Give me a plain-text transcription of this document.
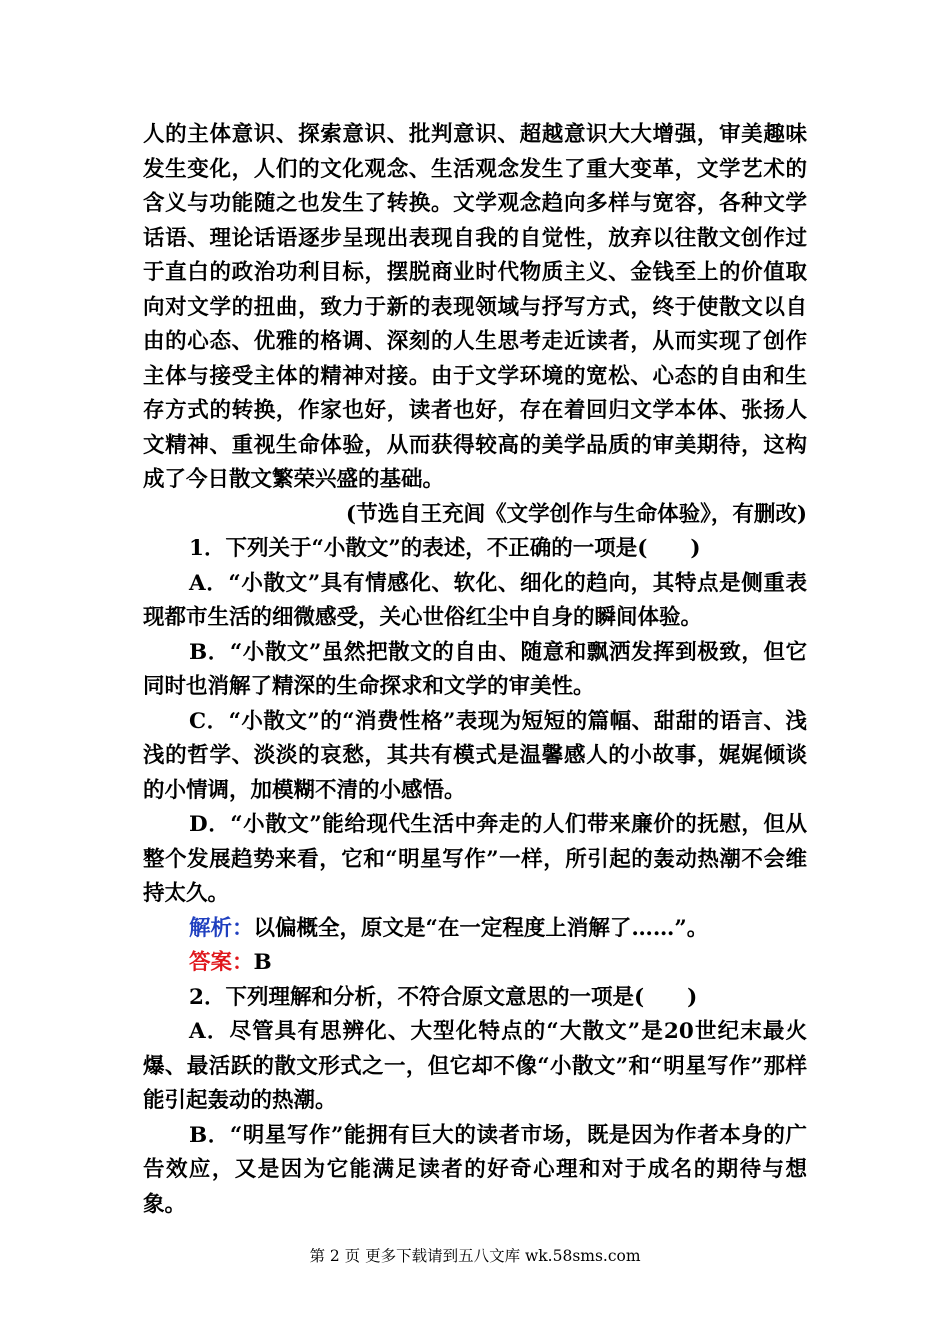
人的主体意识、探索意识、批判意识、超越意识大大增强，审美趣味发生变化，人们的文化观念、生活观念发生了重大变革，文学艺术的含义与功能随之也发生了转换。文学观念趋向多样与宽容，各种文学话语、理论话语逐步呈现出表现自我的自觉性，放弃以往散文创作过于直白的政治功利目标，摆脱商业时代物质主义、金钱至上的价值取向对文学的扭曲，致力于新的表现领域与抒写方式，终于使散文以自由的心态、优雅的格调、深刻的人生思考走近读者，从而实现了创作主体与接受主体的精神对接。由于文学环境的宽松、心态的自由和生存方式的转换，作家也好，读者也好，存在着回归文学本体、张扬人文精神、重视生命体验，从而获得较高的美学品质的审美期待，这构成了今日散文繁荣兴盛的基础。

(节选自王充闾《文学创作与生命体验》，有删改)

1．下列关于“小散文”的表述，不正确的一项是(　　)

A．“小散文”具有情感化、软化、细化的趋向，其特点是侧重表现都市生活的细微感受，关心世俗红尘中自身的瞬间体验。

B．“小散文”虽然把散文的自由、随意和飘洒发挥到极致，但它同时也消解了精深的生命探求和文学的审美性。

C．“小散文”的“消费性格”表现为短短的篇幅、甜甜的语言、浅浅的哲学、淡淡的哀愁，其共有模式是温馨感人的小故事，娓娓倾谈的小情调，加模糊不清的小感悟。

D．“小散文”能给现代生活中奔走的人们带来廉价的抚慰，但从整个发展趋势来看，它和“明星写作”一样，所引起的轰动热潮不会维持太久。

解析：以偏概全，原文是“在一定程度上消解了……”。

答案：B

2．下列理解和分析，不符合原文意思的一项是(　　)

A．尽管具有思辨化、大型化特点的“大散文”是20世纪末最火爆、最活跃的散文形式之一，但它却不像“小散文”和“明星写作”那样能引起轰动的热潮。

B．“明星写作”能拥有巨大的读者市场，既是因为作者本身的广告效应，又是因为它能满足读者的好奇心理和对于成名的期待与想象。

第 2 页 更多下载请到五八文库 wk.58sms.com
